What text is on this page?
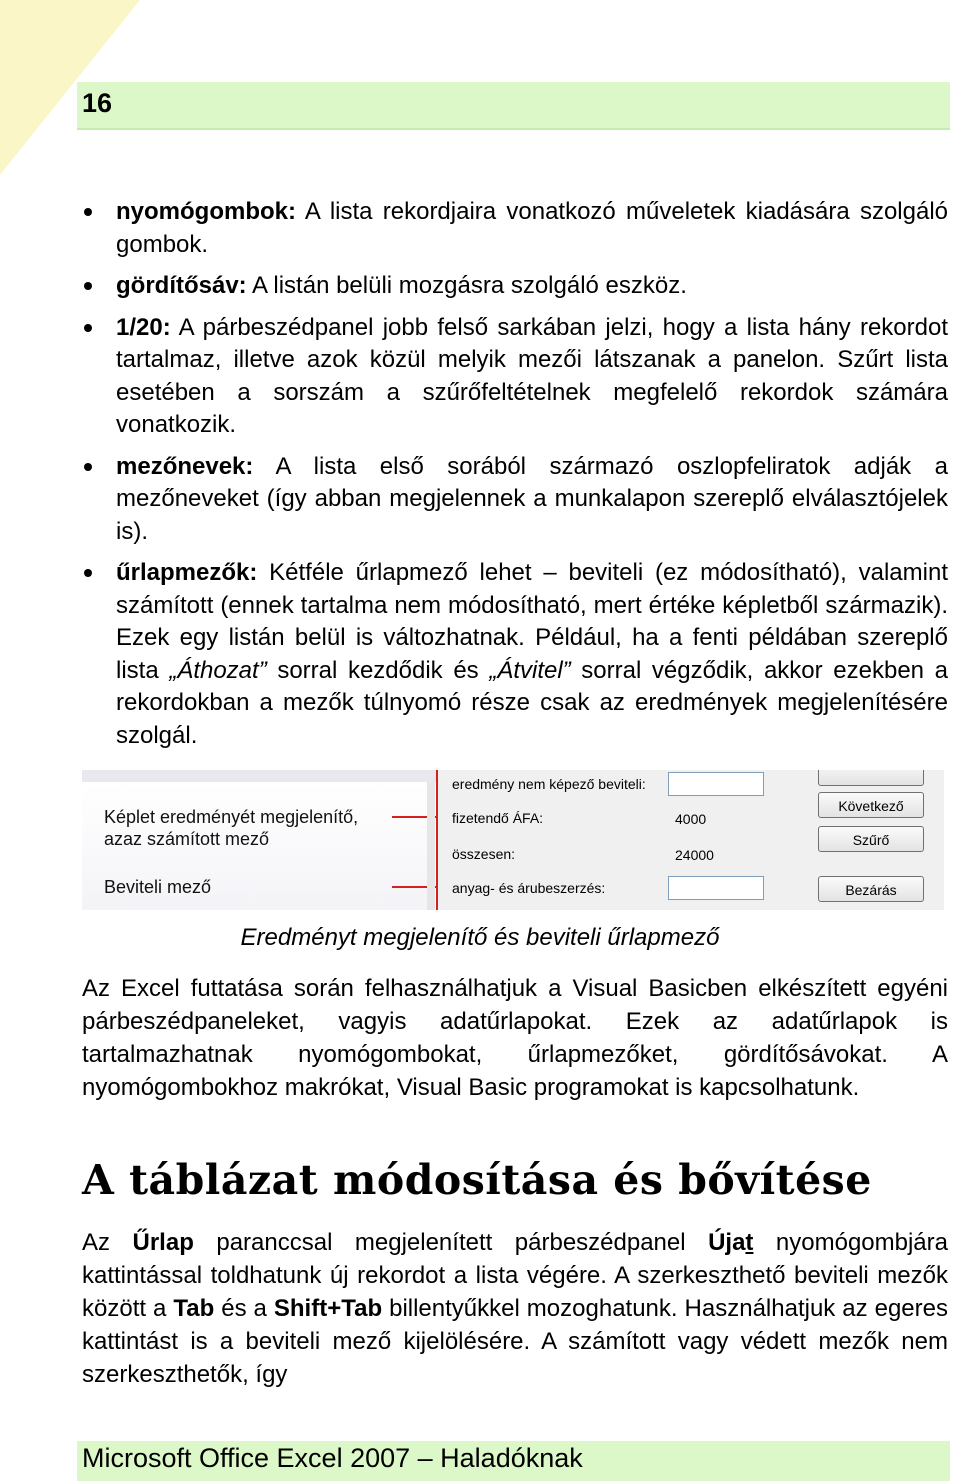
16
nyomógombok: A lista rekordjaira vonatkozó műveletek kiadására szolgáló gombok.
gördítősáv: A listán belüli mozgásra szolgáló eszköz.
1/20: A párbeszédpanel jobb felső sarkában jelzi, hogy a lista hány rekordot tartalmaz, illetve azok közül melyik mezői látszanak a panelon. Szűrt lista esetében a sorszám a szűrőfeltételnek megfelelő rekordok számára vonatkozik.
mezőnevek: A lista első sorából származó oszlopfeliratok adják a mezőneveket (így abban megjelennek a munkalapon szereplő elválasztójelek is).
űrlapmezők: Kétféle űrlapmező lehet – beviteli (ez módosítható), valamint számított (ennek tartalma nem módosítható, mert értéke képletből származik). Ezek egy listán belül is változhatnak. Például, ha a fenti példában szereplő lista „Áthozat” sorral kezdődik és „Átvitel” sorral végződik, akkor ezekben a rekordokban a mezők túlnyomó része csak az eredmények megjelenítésére szolgál.
Képlet eredményét megjelenítő,
azaz számított mező
Beviteli mező
eredmény nem képező beviteli:
fizetendő ÁFA:	4000
összesen:	24000
anyag- és árubeszerzés:
Következő
Szűrő
Bezárás
Eredményt megjelenítő és beviteli űrlapmező

Az Excel futtatása során felhasználhatjuk a Visual Basicben elkészített egyéni párbeszédpaneleket, vagyis adatűrlapokat. Ezek az adatűrlapok is tartalmazhatnak nyomógombokat, űrlapmezőket, gördítősávokat. A nyomógombokhoz makrókat, Visual Basic programokat is kapcsolhatunk.

A táblázat módosítása és bővítése

Az Űrlap paranccsal megjelenített párbeszédpanel Újat nyomógombjára kattintással toldhatunk új rekordot a lista végére. A szerkeszthető beviteli mezők között a Tab és a Shift+Tab billentyűkkel mozoghatunk. Használhatjuk az egeres kattintást is a beviteli mező kijelölésére. A számított vagy védett mezők nem szerkeszthetők, így

Microsoft Office Excel 2007 – Haladóknak
